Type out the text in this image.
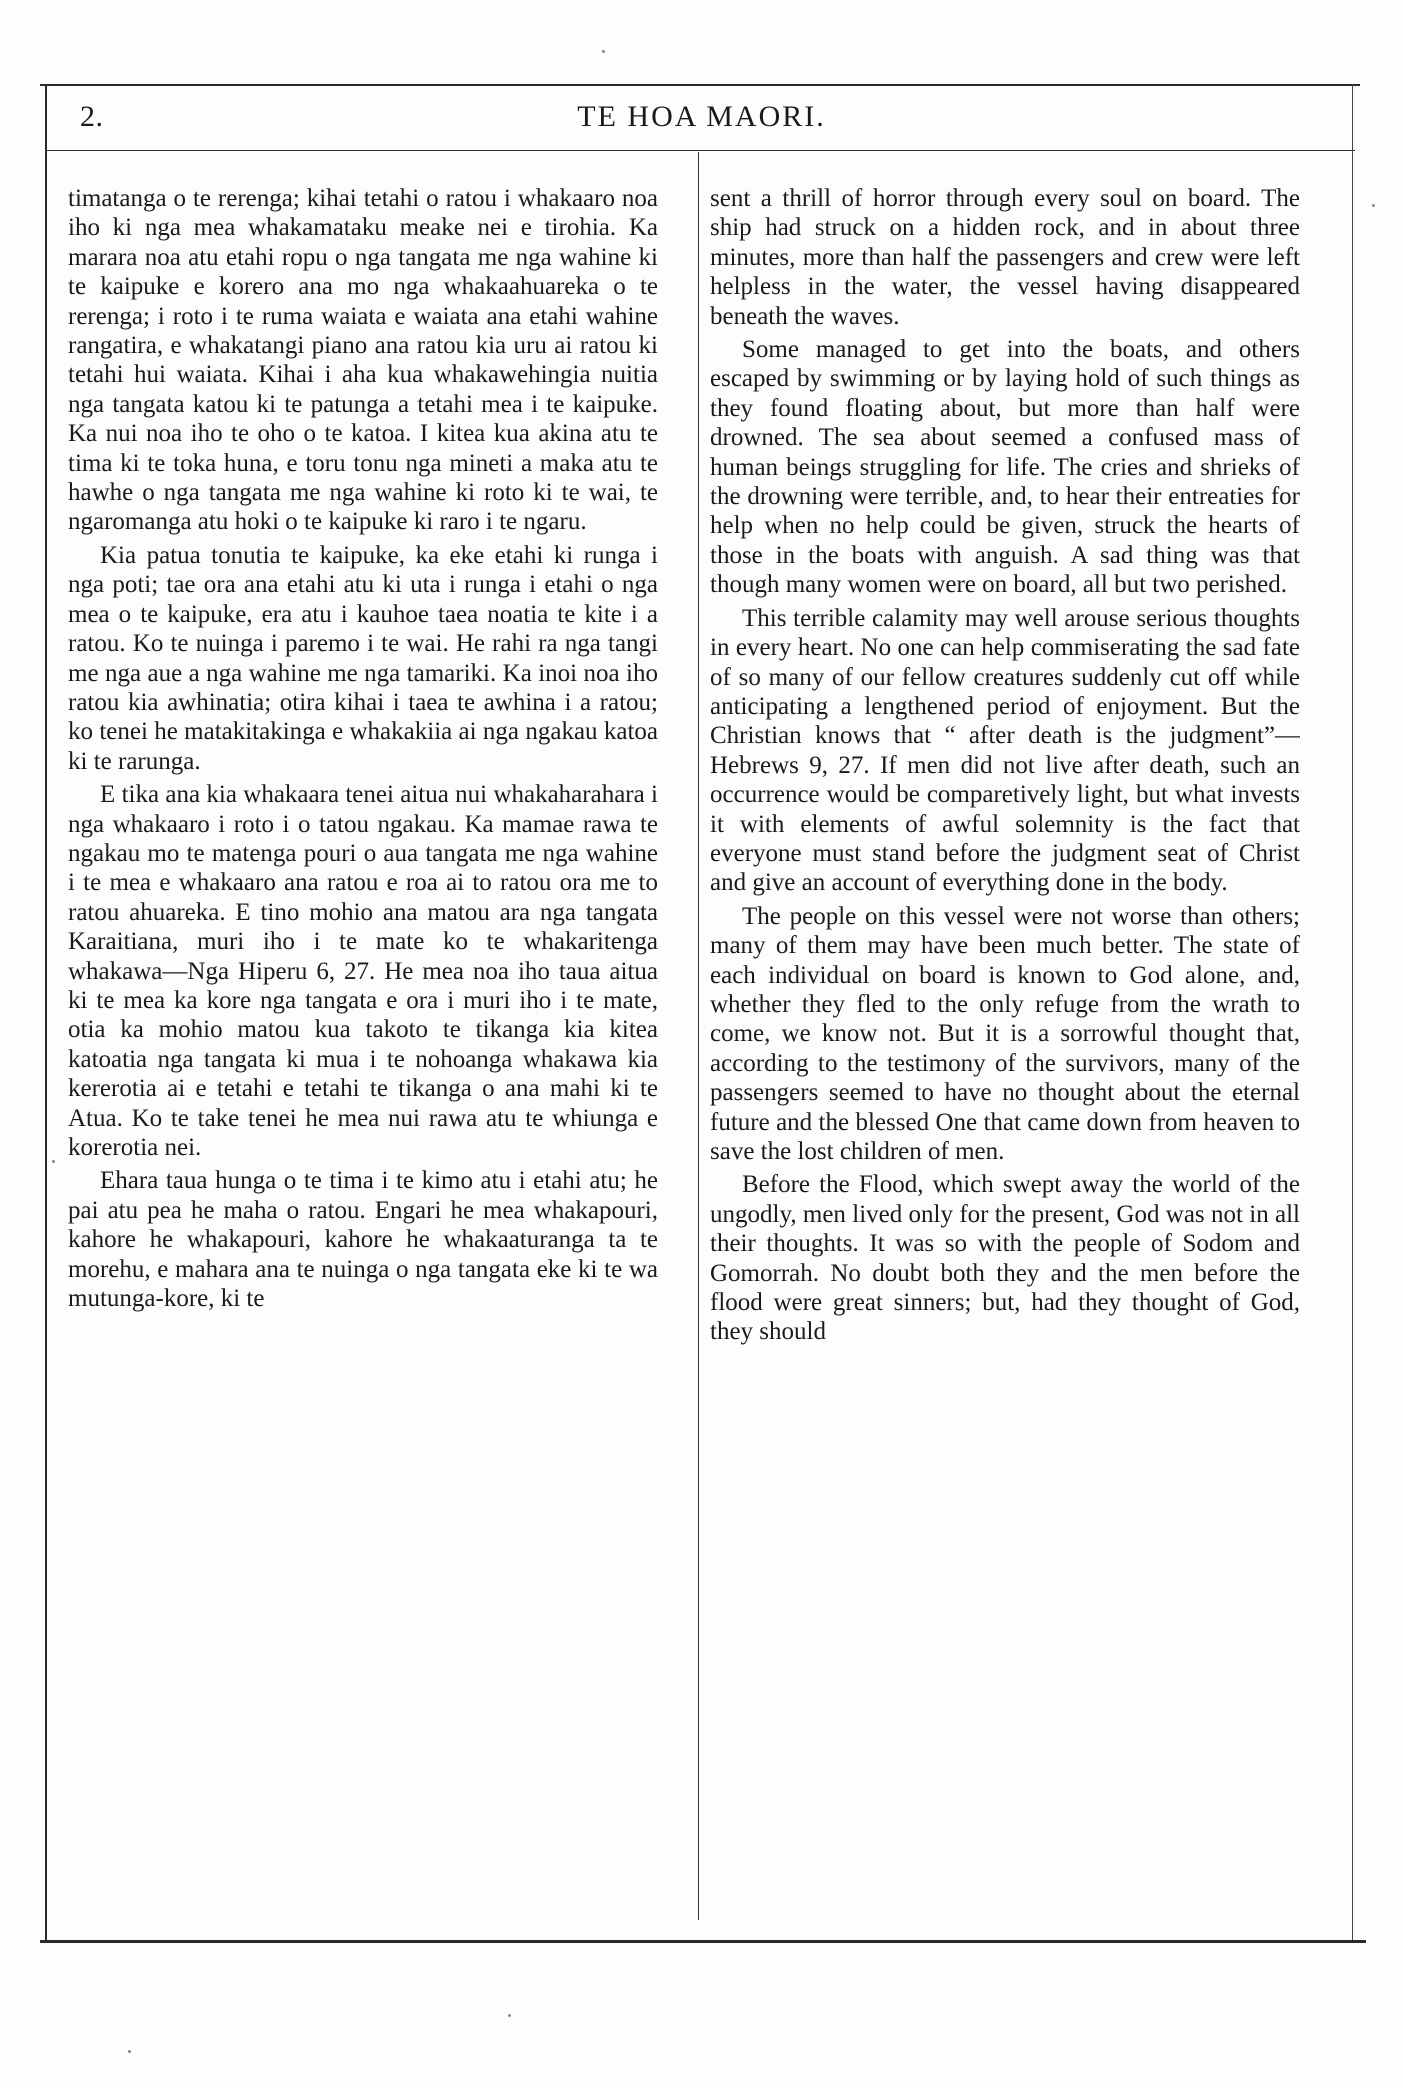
2.	TE HOA MAORI.

timatanga o te rerenga; kihai tetahi o ratou i whakaaro noa iho ki nga mea whakamataku meake nei e tirohia. Ka marara noa atu etahi ropu o nga tangata me nga wahine ki te kaipuke e korero ana mo nga whakaahuareka o te rerenga; i roto i te ruma waiata e waiata ana etahi wahine rangatira, e whakatangi piano ana ratou kia uru ai ratou ki tetahi hui waiata. Kihai i aha kua whakawehingia nuitia nga tangata katou ki te patunga a tetahi mea i te kaipuke. Ka nui noa iho te oho o te katoa. I kitea kua akina atu te tima ki te toka huna, e toru tonu nga mineti a maka atu te hawhe o nga tangata me nga wahine ki roto ki te wai, te ngaromanga atu hoki o te kaipuke ki raro i te ngaru.

Kia patua tonutia te kaipuke, ka eke etahi ki runga i nga poti; tae ora ana etahi atu ki uta i runga i etahi o nga mea o te kaipuke, era atu i kauhoe taea noatia te kite i a ratou. Ko te nuinga i paremo i te wai. He rahi ra nga tangi me nga aue a nga wahine me nga tamariki. Ka inoi noa iho ratou kia awhinatia; otira kihai i taea te awhina i a ratou; ko tenei he matakitakinga e whakakiia ai nga ngakau katoa ki te rarunga.

E tika ana kia whakaara tenei aitua nui whakaharahara i nga whakaaro i roto i o tatou ngakau. Ka mamae rawa te ngakau mo te matenga pouri o aua tangata me nga wahine i te mea e whakaaro ana ratou e roa ai to ratou ora me to ratou ahuareka. E tino mohio ana matou ara nga tangata Karaitiana, muri iho i te mate ko te whakaritenga whakawa—Nga Hiperu 6, 27. He mea noa iho taua aitua ki te mea ka kore nga tangata e ora i muri iho i te mate, otia ka mohio matou kua takoto te tikanga kia kitea katoatia nga tangata ki mua i te nohoanga whakawa kia kererotia ai e tetahi e tetahi te tikanga o ana mahi ki te Atua. Ko te take tenei he mea nui rawa atu te whiunga e korerotia nei.

Ehara taua hunga o te tima i te kimo atu i etahi atu; he pai atu pea he maha o ratou. Engari he mea whakapouri, kahore he whakapouri, kahore he whakaaturanga ta te morehu, e mahara ana te nuinga o nga tangata eke ki te wa mutunga-kore, ki te

sent a thrill of horror through every soul on board. The ship had struck on a hidden rock, and in about three minutes, more than half the passengers and crew were left helpless in the water, the vessel having disappeared beneath the waves.

Some managed to get into the boats, and others escaped by swimming or by laying hold of such things as they found floating about, but more than half were drowned. The sea about seemed a confused mass of human beings struggling for life. The cries and shrieks of the drowning were terrible, and, to hear their entreaties for help when no help could be given, struck the hearts of those in the boats with anguish. A sad thing was that though many women were on board, all but two perished.

This terrible calamity may well arouse serious thoughts in every heart. No one can help commiserating the sad fate of so many of our fellow creatures suddenly cut off while anticipating a lengthened period of enjoyment. But the Christian knows that “ after death is the judgment”—Hebrews 9, 27. If men did not live after death, such an occurrence would be comparetively light, but what invests it with elements of awful solemnity is the fact that everyone must stand before the judgment seat of Christ and give an account of everything done in the body.

The people on this vessel were not worse than others; many of them may have been much better. The state of each individual on board is known to God alone, and, whether they fled to the only refuge from the wrath to come, we know not. But it is a sorrowful thought that, according to the testimony of the survivors, many of the passengers seemed to have no thought about the eternal future and the blessed One that came down from heaven to save the lost children of men.

Before the Flood, which swept away the world of the ungodly, men lived only for the present, God was not in all their thoughts. It was so with the people of Sodom and Gomorrah. No doubt both they and the men before the flood were great sinners; but, had they thought of God, they should
